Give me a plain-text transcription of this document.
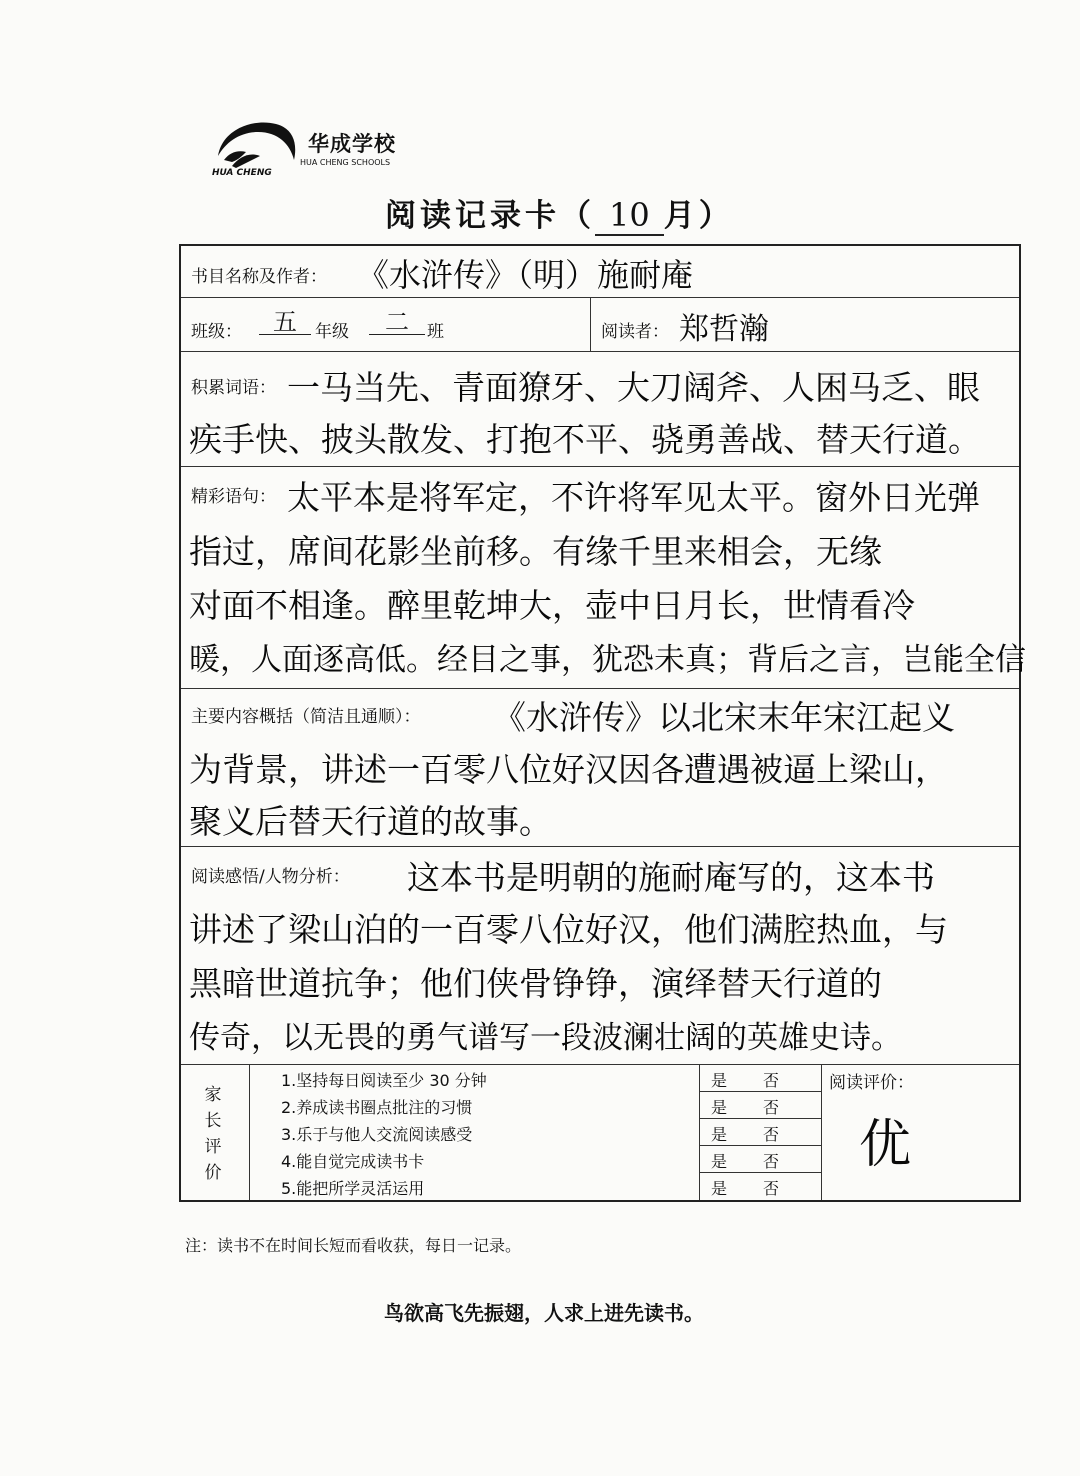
华成学校
HUA CHENG SCHOOLS
HUA CHENG
阅读记录卡（ 10 月）
书目名称及作者： 《水浒传》（明）施耐庵
班级：	五	年级	二	班	阅读者： 郑哲瀚
积累词语： 一马当先、青面獠牙、大刀阔斧、人困马乏、眼
疾手快、披头散发、打抱不平、骁勇善战、替天行道。
精彩语句： 太平本是将军定，不许将军见太平。窗外日光弹
指过，席间花影坐前移。有缘千里来相会，无缘
对面不相逢。醉里乾坤大，壶中日月长，世情看冷
暖，人面逐高低。经目之事，犹恐未真；背后之言，岂能全信
主要内容概括（简洁且通顺）： 《水浒传》以北宋末年宋江起义
为背景，讲述一百零八位好汉因各遭遇被逼上梁山，
聚义后替天行道的故事。
阅读感悟/人物分析： 这本书是明朝的施耐庵写的，这本书
讲述了梁山泊的一百零八位好汉，他们满腔热血，与
黑暗世道抗争；他们侠骨铮铮，演绎替天行道的
传奇，以无畏的勇气谱写一段波澜壮阔的英雄史诗。
家长评价
1.坚持每日阅读至少 30 分钟	是 否
2.养成读书圈点批注的习惯	是 否
3.乐于与他人交流阅读感受	是 否
4.能自觉完成读书卡	是 否
5.能把所学灵活运用	是 否
阅读评价：
优
注：读书不在时间长短而看收获，每日一记录。
鸟欲高飞先振翅，人求上进先读书。
